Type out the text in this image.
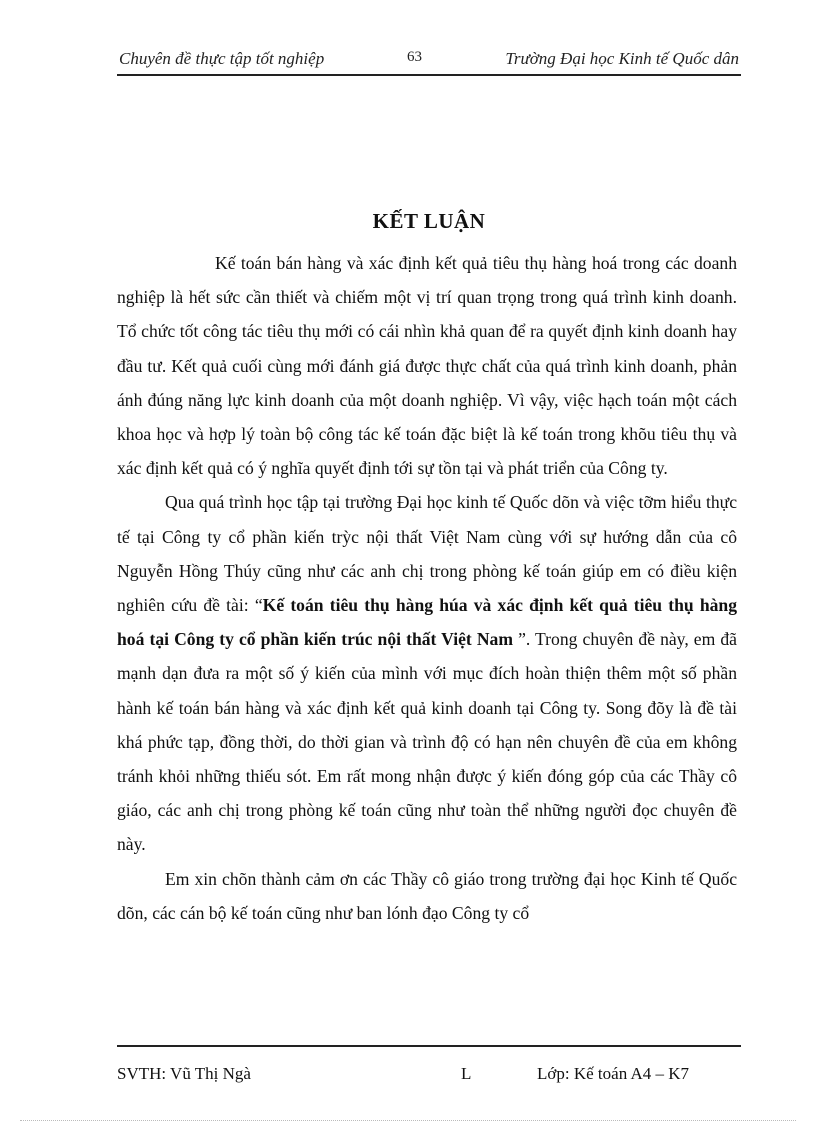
Chuyên đề thực tập tốt nghiệp	63	Trường Đại học Kinh tế Quốc dân
KẾT LUẬN

Kế toán bán hàng và xác định kết quả tiêu thụ hàng hoá trong các doanh nghiệp là hết sức cần thiết và chiếm một vị trí quan trọng trong quá trình kinh doanh. Tổ chức tốt công tác tiêu thụ mới có cái nhìn khả quan để ra quyết định kinh doanh hay đầu tư. Kết quả cuối cùng mới đánh giá được thực chất của quá trình kinh doanh, phản ánh đúng năng lực kinh doanh của một doanh nghiệp. Vì vậy, việc hạch toán một cách khoa học và hợp lý toàn bộ công tác kế toán đặc biệt là kế toán trong khõu tiêu thụ và xác định kết quả có ý nghĩa quyết định tới sự tồn tại và phát triển của Công ty.

Qua quá trình học tập tại trường Đại học kinh tế Quốc dõn và việc tỡm hiểu thực tế tại Công ty cổ phần kiến trỳc nội thất Việt Nam cùng với sự hướng dẫn của cô Nguyễn Hồng Thúy cũng như các anh chị trong phòng kế toán giúp em có điều kiện nghiên cứu đề tài: “Kế toán tiêu thụ hàng húa và xác định kết quả tiêu thụ hàng hoá tại Công ty cổ phần kiến trúc nội thất Việt Nam ”. Trong chuyên đề này, em đã mạnh dạn đưa ra một số ý kiến của mình với mục đích hoàn thiện thêm một số phần hành kế toán bán hàng và xác định kết quả kinh doanh tại Công ty. Song đõy là đề tài khá phức tạp, đồng thời, do thời gian và trình độ có hạn nên chuyên đề của em không tránh khỏi những thiếu sót. Em rất mong nhận được ý kiến đóng góp của các Thầy cô giáo, các anh chị trong phòng kế toán cũng như toàn thể những người đọc chuyên đề này.

Em xin chõn thành cảm ơn các Thầy cô giáo trong trường đại học Kinh tế Quốc dõn, các cán bộ kế toán cũng như ban lónh đạo Công ty cổ

SVTH: Vũ Thị Ngà	L	Lớp: Kế toán A4 – K7
